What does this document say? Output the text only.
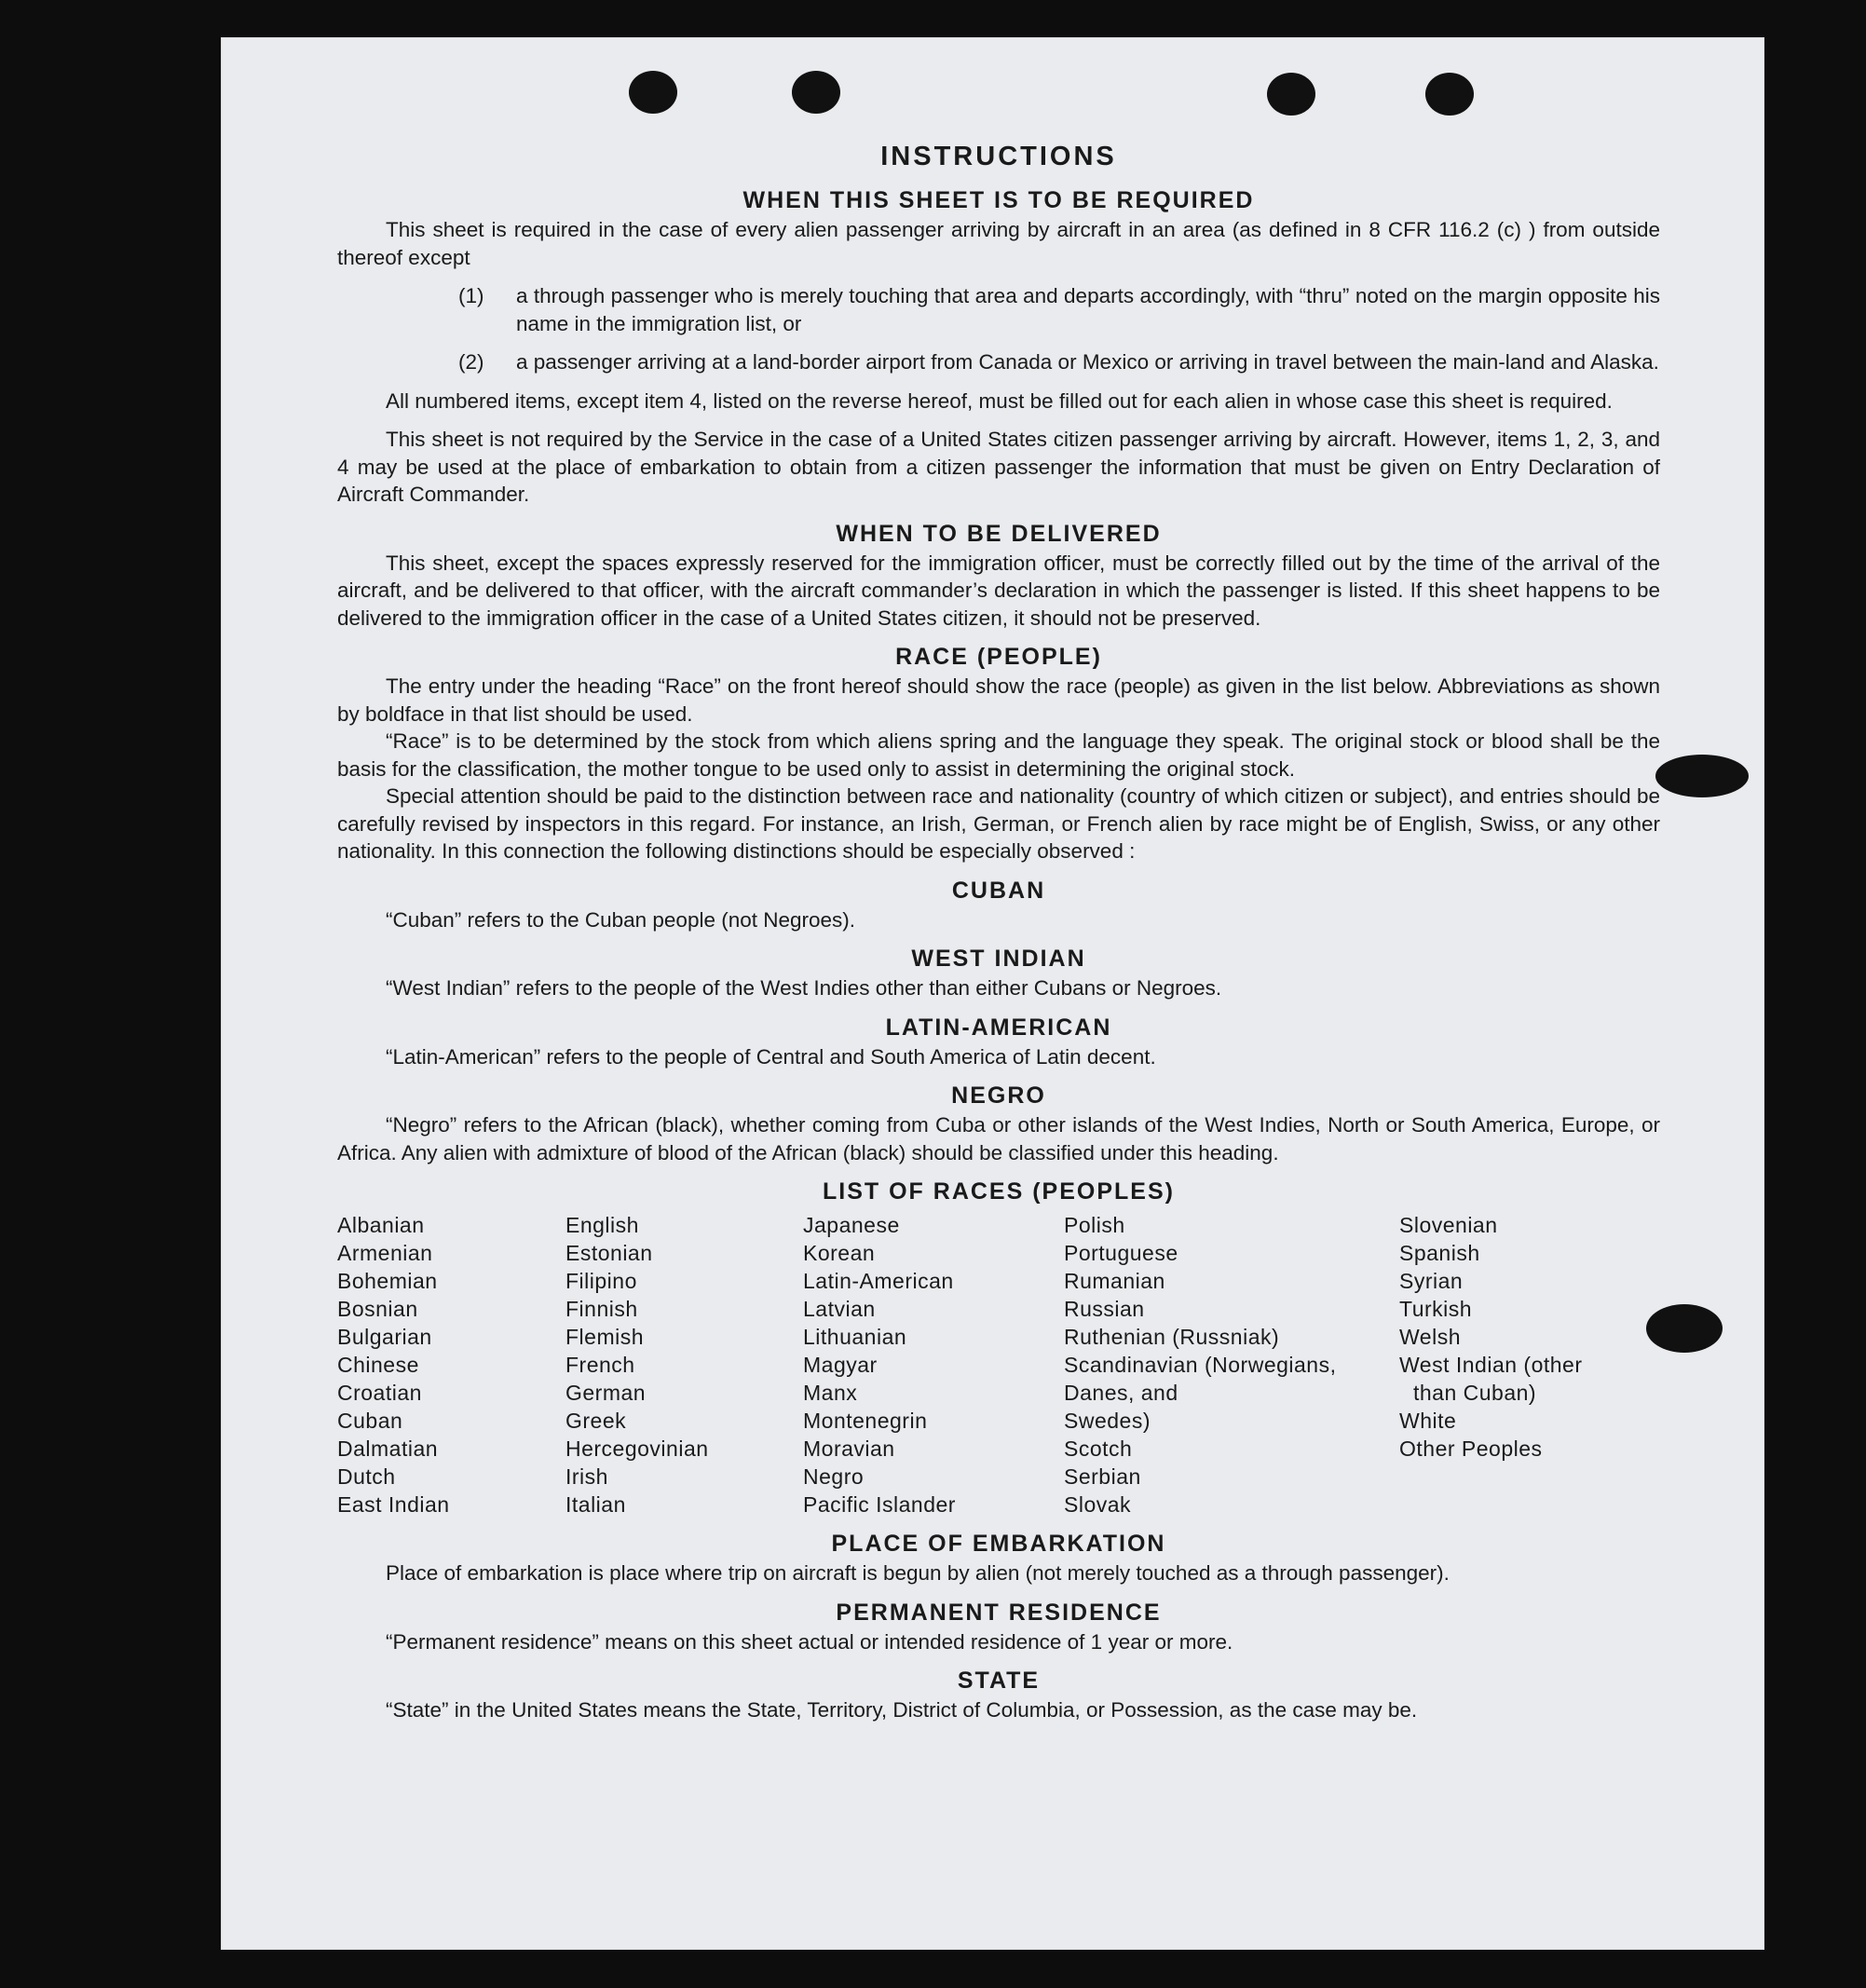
INSTRUCTIONS
WHEN THIS SHEET IS TO BE REQUIRED

This sheet is required in the case of every alien passenger arriving by aircraft in an area (as defined in 8 CFR 116.2 (c) ) from outside thereof except

(1)	a through passenger who is merely touching that area and departs accordingly, with “thru” noted on the margin opposite his name in the immigration list, or
(2)	a passenger arriving at a land-border airport from Canada or Mexico or arriving in travel between the main-land and Alaska.

All numbered items, except item 4, listed on the reverse hereof, must be filled out for each alien in whose case this sheet is required.

This sheet is not required by the Service in the case of a United States citizen passenger arriving by aircraft. However, items 1, 2, 3, and 4 may be used at the place of embarkation to obtain from a citizen passenger the information that must be given on Entry Declaration of Aircraft Commander.

WHEN TO BE DELIVERED

This sheet, except the spaces expressly reserved for the immigration officer, must be correctly filled out by the time of the arrival of the aircraft, and be delivered to that officer, with the aircraft commander’s declaration in which the passenger is listed. If this sheet happens to be delivered to the immigration officer in the case of a United States citizen, it should not be preserved.

RACE (PEOPLE)

The entry under the heading “Race” on the front hereof should show the race (people) as given in the list below. Abbreviations as shown by boldface in that list should be used.

“Race” is to be determined by the stock from which aliens spring and the language they speak. The original stock or blood shall be the basis for the classification, the mother tongue to be used only to assist in determining the original stock.

Special attention should be paid to the distinction between race and nationality (country of which citizen or subject), and entries should be carefully revised by inspectors in this regard. For instance, an Irish, German, or French alien by race might be of English, Swiss, or any other nationality. In this connection the following distinctions should be especially observed :

CUBAN

“Cuban” refers to the Cuban people (not Negroes).

WEST INDIAN

“West Indian” refers to the people of the West Indies other than either Cubans or Negroes.

LATIN-AMERICAN

“Latin-American” refers to the people of Central and South America of Latin decent.

NEGRO

“Negro” refers to the African (black), whether coming from Cuba or other islands of the West Indies, North or South America, Europe, or Africa. Any alien with admixture of blood of the African (black) should be classified under this heading.

LIST OF RACES (PEOPLES)
Albanian
Armenian
Bohemian
Bosnian
Bulgarian
Chinese
Croatian
Cuban
Dalmatian
Dutch
East Indian
English
Estonian
Filipino
Finnish
Flemish
French
German
Greek
Hercegovinian
Irish
Italian
Japanese
Korean
Latin-American
Latvian
Lithuanian
Magyar
Manx
Montenegrin
Moravian
Negro
Pacific Islander
Polish
Portuguese
Rumanian
Russian
Ruthenian (Russniak)
Scandinavian (Norwegians,
Danes, and
Swedes)
Scotch
Serbian
Slovak
Slovenian
Spanish
Syrian
Turkish
Welsh
West Indian (other
than Cuban)
White
Other Peoples
PLACE OF EMBARKATION

Place of embarkation is place where trip on aircraft is begun by alien (not merely touched as a through passenger).

PERMANENT RESIDENCE

“Permanent residence” means on this sheet actual or intended residence of 1 year or more.

STATE

“State” in the United States means the State, Territory, District of Columbia, or Possession, as the case may be.
